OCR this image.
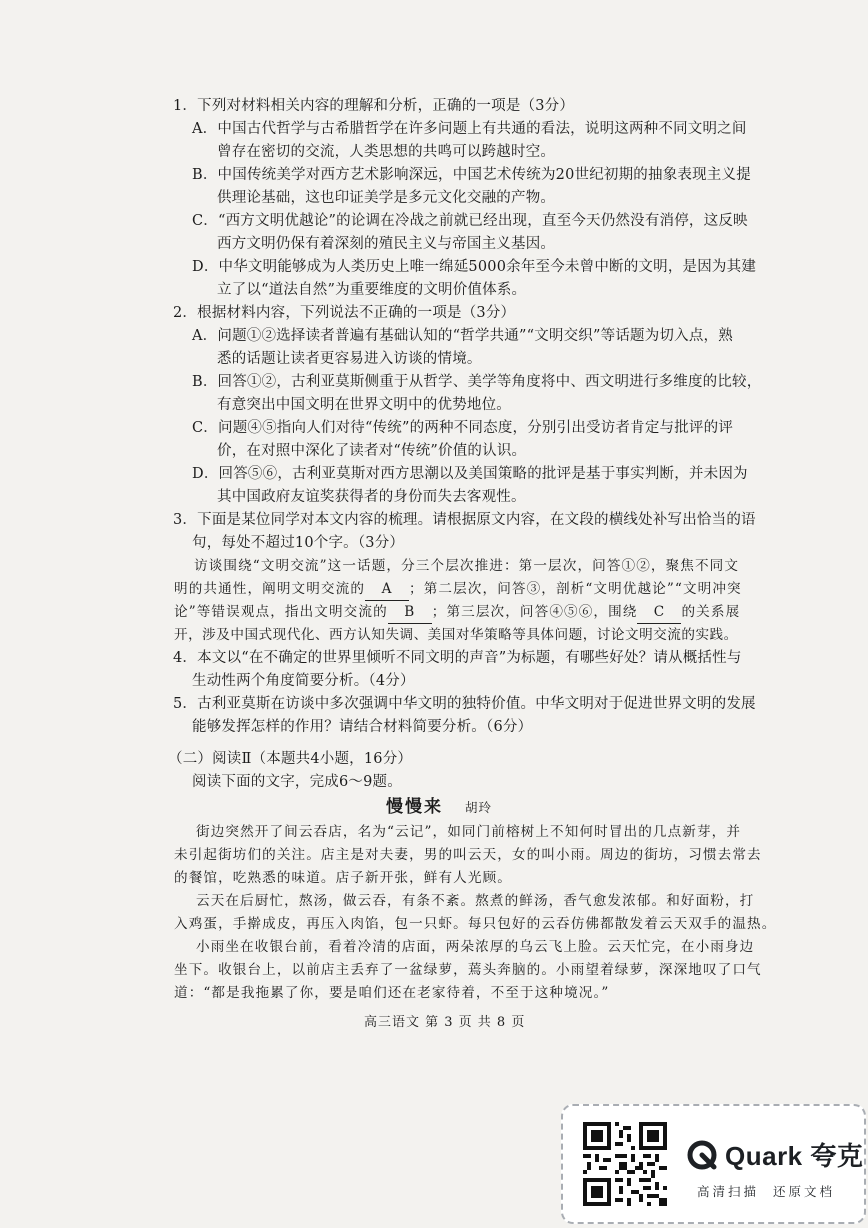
1．下列对材料相关内容的理解和分析，正确的一项是（3分）
A．中国古代哲学与古希腊哲学在许多问题上有共通的看法，说明这两种不同文明之间
曾存在密切的交流，人类思想的共鸣可以跨越时空。
B．中国传统美学对西方艺术影响深远，中国艺术传统为20世纪初期的抽象表现主义提
供理论基础，这也印证美学是多元文化交融的产物。
C．“西方文明优越论”的论调在冷战之前就已经出现，直至今天仍然没有消停，这反映
西方文明仍保有着深刻的殖民主义与帝国主义基因。
D．中华文明能够成为人类历史上唯一绵延5000余年至今未曾中断的文明，是因为其建
立了以“道法自然”为重要维度的文明价值体系。
2．根据材料内容，下列说法不正确的一项是（3分）
A．问题①②选择读者普遍有基础认知的“哲学共通”“文明交织”等话题为切入点，熟
悉的话题让读者更容易进入访谈的情境。
B．回答①②，古利亚莫斯侧重于从哲学、美学等角度将中、西文明进行多维度的比较，
有意突出中国文明在世界文明中的优势地位。
C．问题④⑤指向人们对待“传统”的两种不同态度，分别引出受访者肯定与批评的评
价，在对照中深化了读者对“传统”价值的认识。
D．回答⑤⑥，古利亚莫斯对西方思潮以及美国策略的批评是基于事实判断，并未因为
其中国政府友谊奖获得者的身份而失去客观性。
3．下面是某位同学对本文内容的梳理。请根据原文内容，在文段的横线处补写出恰当的语
句，每处不超过10个字。（3分）
访谈围绕“文明交流”这一话题，分三个层次推进：第一层次，问答①②，聚焦不同文
明的共通性，阐明文明交流的 A ；第二层次，问答③，剖析“文明优越论”“文明冲突
论”等错误观点，指出文明交流的 B ；第三层次，问答④⑤⑥，围绕 C 的关系展
开，涉及中国式现代化、西方认知失调、美国对华策略等具体问题，讨论文明交流的实践。
4．本文以“在不确定的世界里倾听不同文明的声音”为标题，有哪些好处？请从概括性与
生动性两个角度简要分析。（4分）
5．古利亚莫斯在访谈中多次强调中华文明的独特价值。中华文明对于促进世界文明的发展
能够发挥怎样的作用？请结合材料简要分析。（6分）
（二）阅读Ⅱ（本题共4小题，16分）
阅读下面的文字，完成6～9题。
慢慢来 胡玲
街边突然开了间云吞店，名为“云记”，如同门前榕树上不知何时冒出的几点新芽，并
未引起街坊们的关注。店主是对夫妻，男的叫云天，女的叫小雨。周边的街坊，习惯去常去
的餐馆，吃熟悉的味道。店子新开张，鲜有人光顾。
云天在后厨忙，熬汤，做云吞，有条不紊。熬煮的鲜汤，香气愈发浓郁。和好面粉，打
入鸡蛋，手擀成皮，再压入肉馅，包一只虾。每只包好的云吞仿佛都散发着云天双手的温热。
小雨坐在收银台前，看着冷清的店面，两朵浓厚的乌云飞上脸。云天忙完，在小雨身边
坐下。收银台上，以前店主丢弃了一盆绿萝，蔫头奔脑的。小雨望着绿萝，深深地叹了口气
道：“都是我拖累了你，要是咱们还在老家待着，不至于这种境况。”
高三语文 第 3 页 共 8 页
Quark 夸克
高清扫描 还原文档
